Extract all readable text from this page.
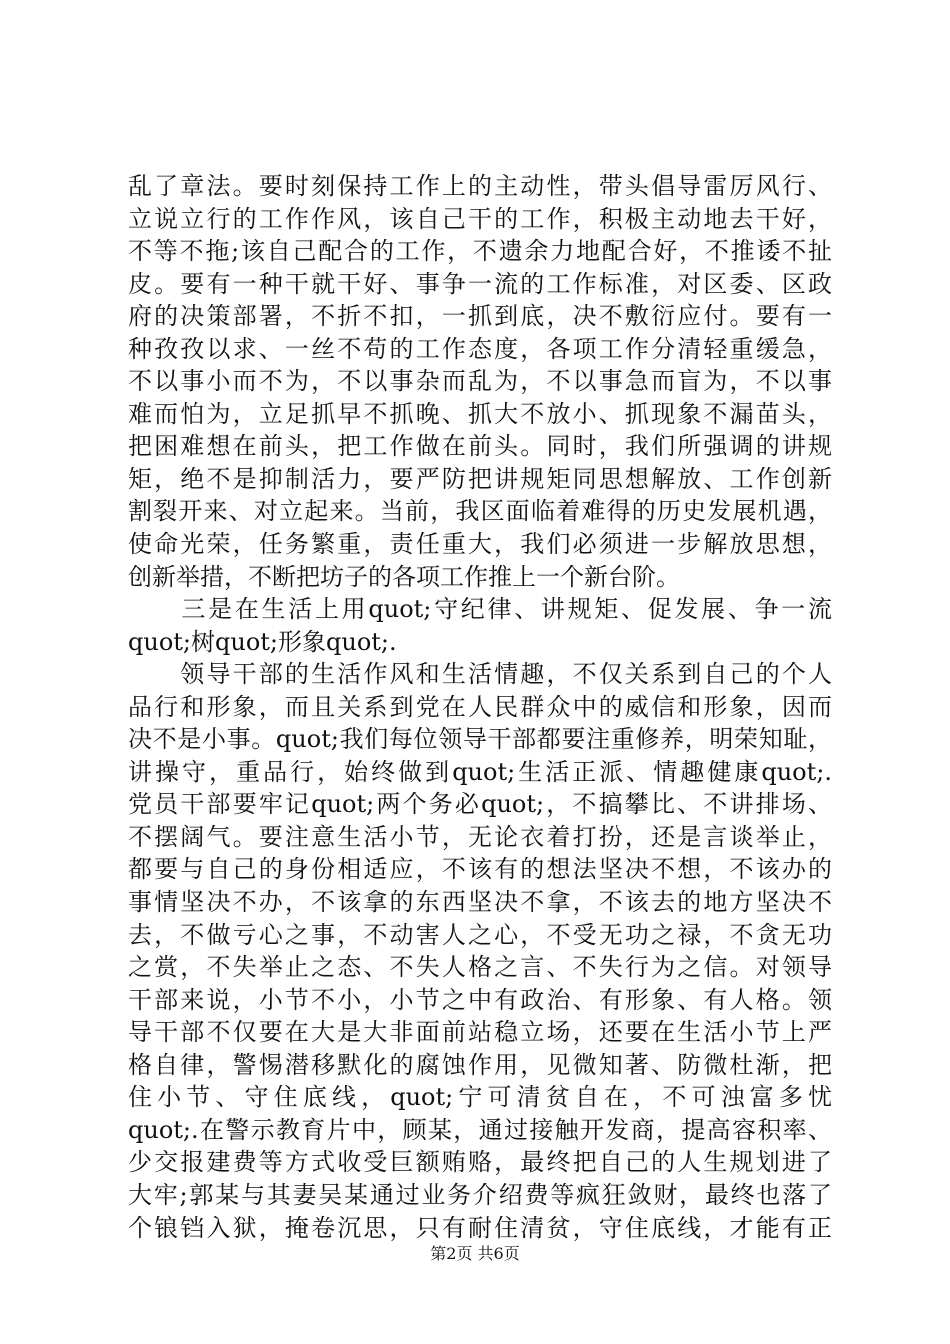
乱了章法。要时刻保持工作上的主动性，带头倡导雷厉风行、
立说立行的工作作风，该自己干的工作，积极主动地去干好，
不等不拖;该自己配合的工作，不遗余力地配合好，不推诿不扯
皮。要有一种干就干好、事争一流的工作标准，对区委、区政
府的决策部署，不折不扣，一抓到底，决不敷衍应付。要有一
种孜孜以求、一丝不苟的工作态度，各项工作分清轻重缓急，
不以事小而不为，不以事杂而乱为，不以事急而盲为，不以事
难而怕为，立足抓早不抓晚、抓大不放小、抓现象不漏苗头，
把困难想在前头，把工作做在前头。同时，我们所强调的讲规
矩，绝不是抑制活力，要严防把讲规矩同思想解放、工作创新
割裂开来、对立起来。当前，我区面临着难得的历史发展机遇，
使命光荣，任务繁重，责任重大，我们必须进一步解放思想，
创新举措，不断把坊子的各项工作推上一个新台阶。
　　三是在生活上用quot;守纪律、讲规矩、促发展、争一流
quot;树quot;形象quot;.
　　领导干部的生活作风和生活情趣，不仅关系到自己的个人
品行和形象，而且关系到党在人民群众中的威信和形象，因而
决不是小事。quot;我们每位领导干部都要注重修养，明荣知耻，
讲操守，重品行，始终做到quot;生活正派、情趣健康quot;.
党员干部要牢记quot;两个务必quot;，不搞攀比、不讲排场、
不摆阔气。要注意生活小节，无论衣着打扮，还是言谈举止，
都要与自己的身份相适应，不该有的想法坚决不想，不该办的
事情坚决不办，不该拿的东西坚决不拿，不该去的地方坚决不
去，不做亏心之事，不动害人之心，不受无功之禄，不贪无功
之赏，不失举止之态、不失人格之言、不失行为之信。对领导
干部来说，小节不小，小节之中有政治、有形象、有人格。领
导干部不仅要在大是大非面前站稳立场，还要在生活小节上严
格自律，警惕潜移默化的腐蚀作用，见微知著、防微杜渐，把
住小节、守住底线，quot;宁可清贫自在，不可浊富多忧
quot;.在警示教育片中，顾某，通过接触开发商，提高容积率、
少交报建费等方式收受巨额贿赂，最终把自己的人生规划进了
大牢;郭某与其妻吴某通过业务介绍费等疯狂敛财，最终也落了
个锒铛入狱，掩卷沉思，只有耐住清贫，守住底线，才能有正
第2页 共6页
